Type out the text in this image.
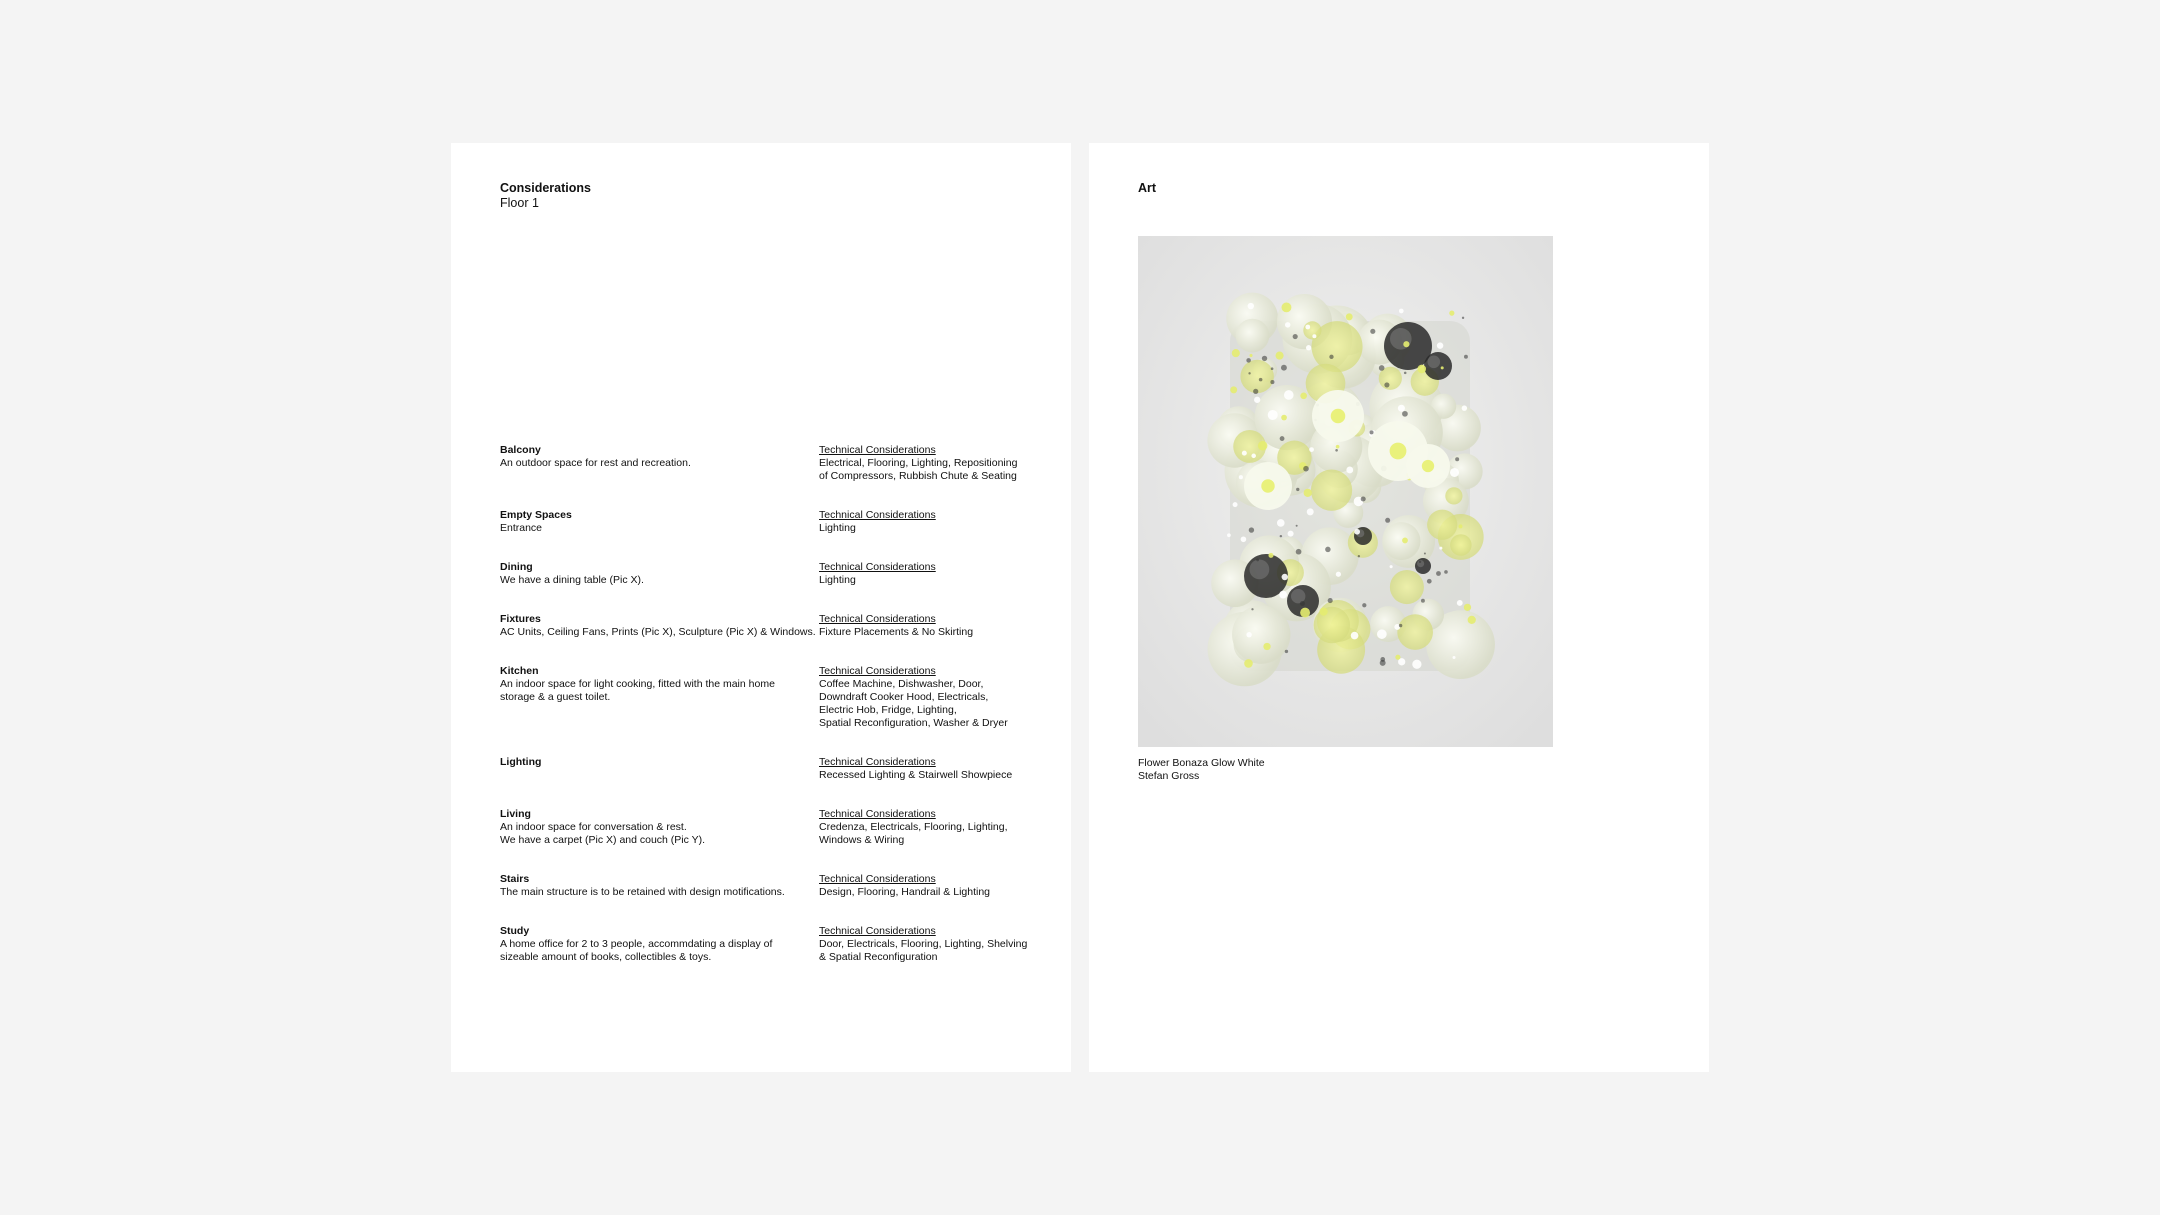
Considerations
Floor 1
Balcony
An outdoor space for rest and recreation.
Technical Considerations
Electrical, Flooring, Lighting, Repositioning
of Compressors, Rubbish Chute & Seating
Empty Spaces
Entrance
Technical Considerations
Lighting
Dining
We have a dining table (Pic X).
Technical Considerations
Lighting
Fixtures
AC Units, Ceiling Fans, Prints (Pic X), Sculpture (Pic X) & Windows.
Technical Considerations
Fixture Placements & No Skirting
Kitchen
An indoor space for light cooking, fitted with the main home
storage & a guest toilet.
Technical Considerations
Coffee Machine, Dishwasher, Door,
Downdraft Cooker Hood, Electricals,
Electric Hob, Fridge, Lighting,
Spatial Reconfiguration, Washer & Dryer
Lighting	Technical Considerations
Recessed Lighting & Stairwell Showpiece
Living
An indoor space for conversation & rest.
We have a carpet (Pic X) and couch (Pic Y).
Technical Considerations
Credenza, Electricals, Flooring, Lighting,
Windows & Wiring
Stairs
The main structure is to be retained with design motifications.
Technical Considerations
Design, Flooring, Handrail & Lighting
Study
A home office for 2 to 3 people, accommdating a display of
sizeable amount of books, collectibles & toys.
Technical Considerations
Door, Electricals, Flooring, Lighting, Shelving
& Spatial Reconfiguration
Art
Flower Bonaza Glow White
Stefan Gross
